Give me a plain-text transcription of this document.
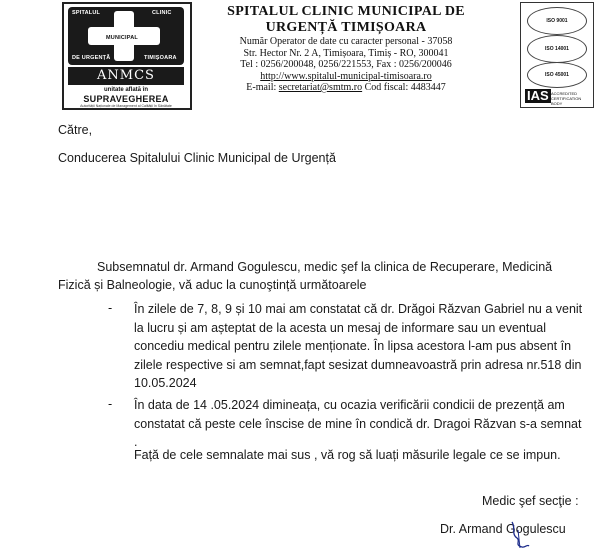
SPITALUL	CLINIC
MUNICIPAL
DE URGENȚĂ	TIMIȘOARA
ANMCS
unitate aflată în
SUPRAVEGHEREA
Autorității Naționale de Management al Calității în Sănătate
SPITALUL CLINIC MUNICIPAL DE
URGENȚĂ TIMIȘOARA
Număr Operator de date cu caracter personal - 37058
Str. Hector Nr. 2 A, Timișoara, Timiș - RO, 300041
Tel : 0256/200048, 0256/221553, Fax : 0256/200046
http://www.spitalul-municipal-timisoara.ro
E-mail: secretariat@smtm.ro Cod fiscal: 4483447
ISO 9001
ISO 14001
ISO 45001
IAS ACCREDITED CERTIFICATION BODY
Către,
Conducerea Spitalului Clinic Municipal de Urgență
Subsemnatul dr. Armand Gogulescu, medic şef la clinica de Recuperare, Medicină
Fizică și Balneologie, vă aduc la cunoştință următoarele
- În zilele de 7, 8, 9 și 10 mai am constatat că dr. Drăgoi Răzvan Gabriel nu a venit
la lucru și am așteptat de la acesta un mesaj de informare sau un eventual
concediu medical pentru zilele menționate. În lipsa acestora l-am pus absent în
zilele respective si am semnat,fapt sesizat dumneavoastră prin adresa nr.518 din
10.05.2024
- În data de 14 .05.2024 dimineața, cu ocazia verificării condicii de prezență am
constatat că peste cele înscise de mine în condică dr. Dragoi Răzvan s-a semnat .
Față de cele semnalate mai sus , vă rog să luați măsurile legale ce se impun.
Medic şef secţie :
Dr. Armand Gogulescu
